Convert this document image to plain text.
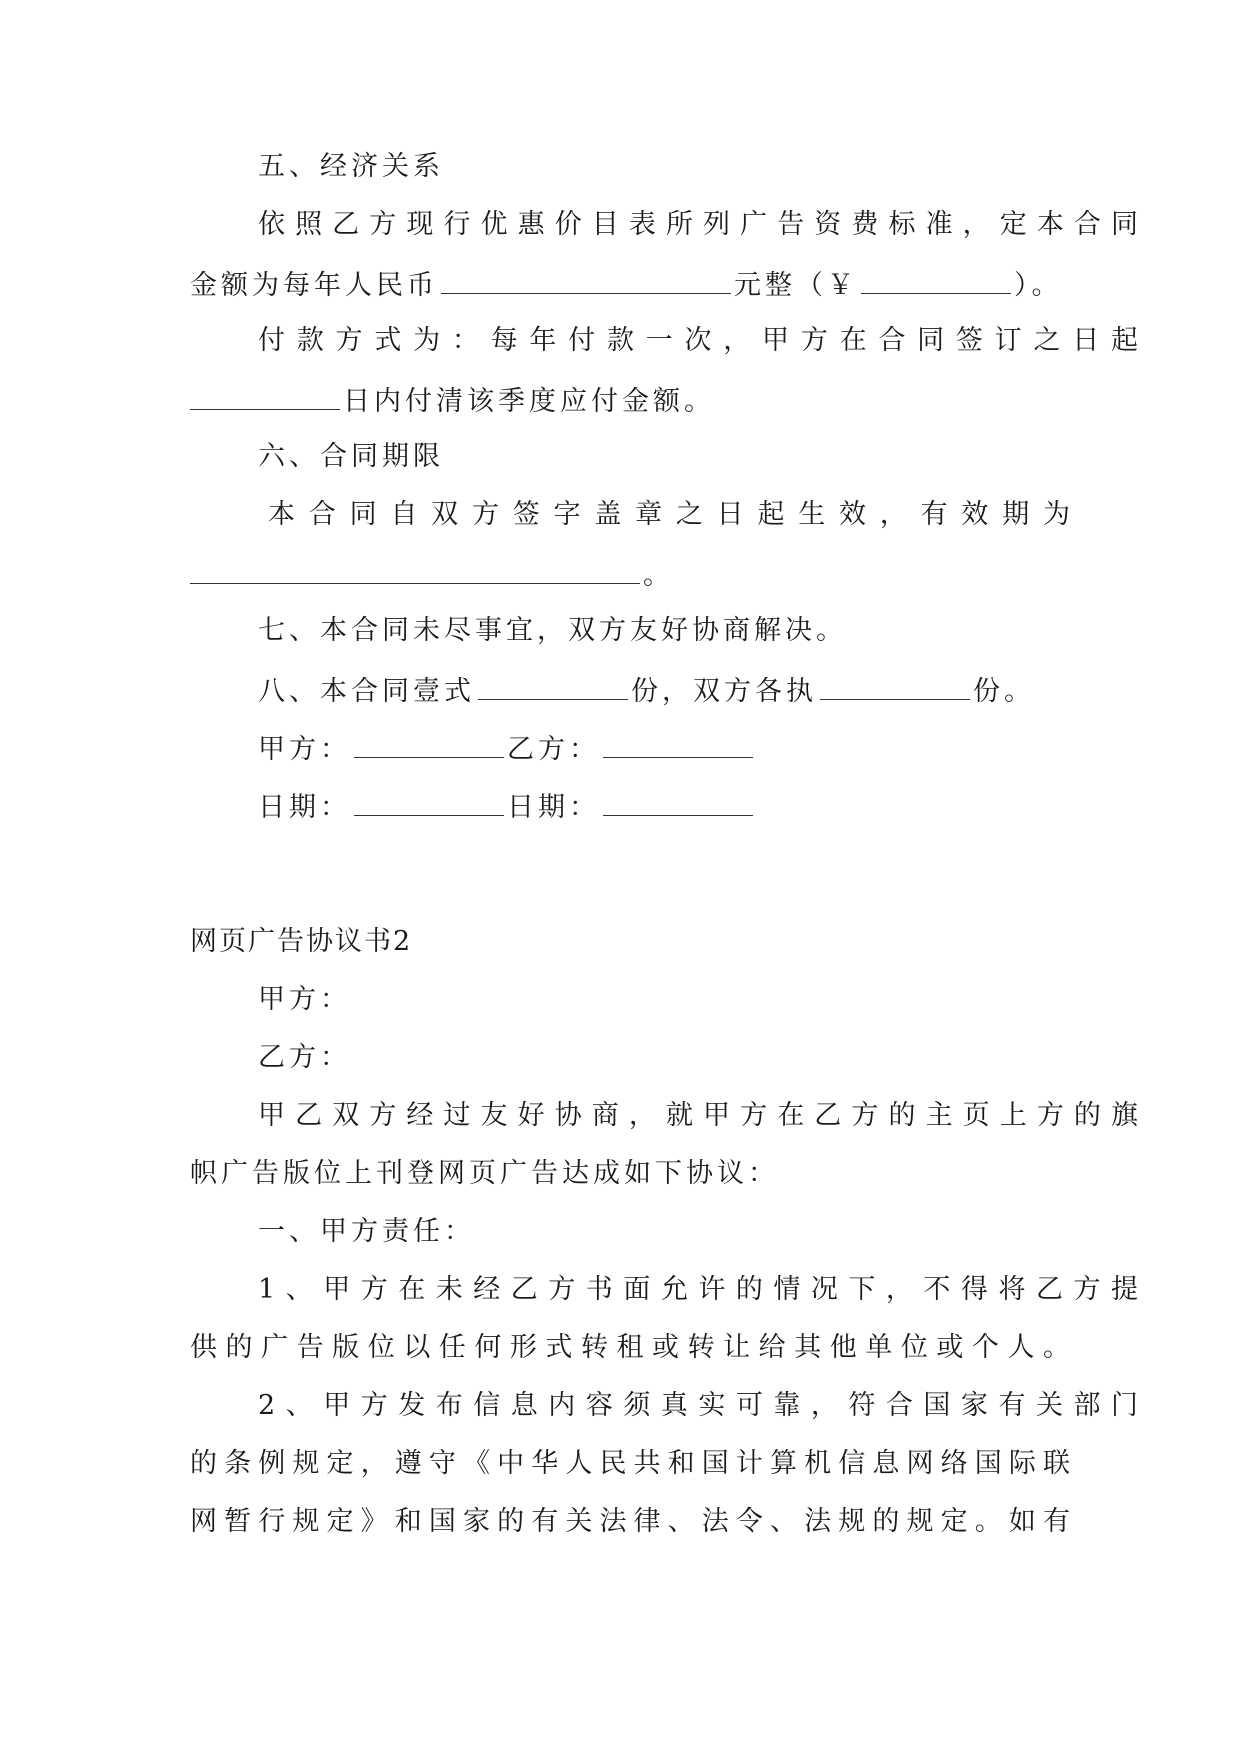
五、经济关系
依照乙方现行优惠价目表所列广告资费标准，定本合同
金额为每年人民币	元整（￥	）。
付款方式为：每年付款一次，甲方在合同签订之日起
日内付清该季度应付金额。
六、合同期限
本合同自双方签字盖章之日起生效，有效期为
。
七、本合同未尽事宜，双方友好协商解决。
八、本合同壹式	份，双方各执	份。
甲方：	乙方：
日期：	日期：
网页广告协议书2
甲方：
乙方：
甲乙双方经过友好协商，就甲方在乙方的主页上方的旗
帜广告版位上刊登网页广告达成如下协议：
一、甲方责任：
1、甲方在未经乙方书面允许的情况下，不得将乙方提
供的广告版位以任何形式转租或转让给其他单位或个人。
2、甲方发布信息内容须真实可靠，符合国家有关部门
的条例规定，遵守《中华人民共和国计算机信息网络国际联
网暂行规定》和国家的有关法律、法令、法规的规定。如有
